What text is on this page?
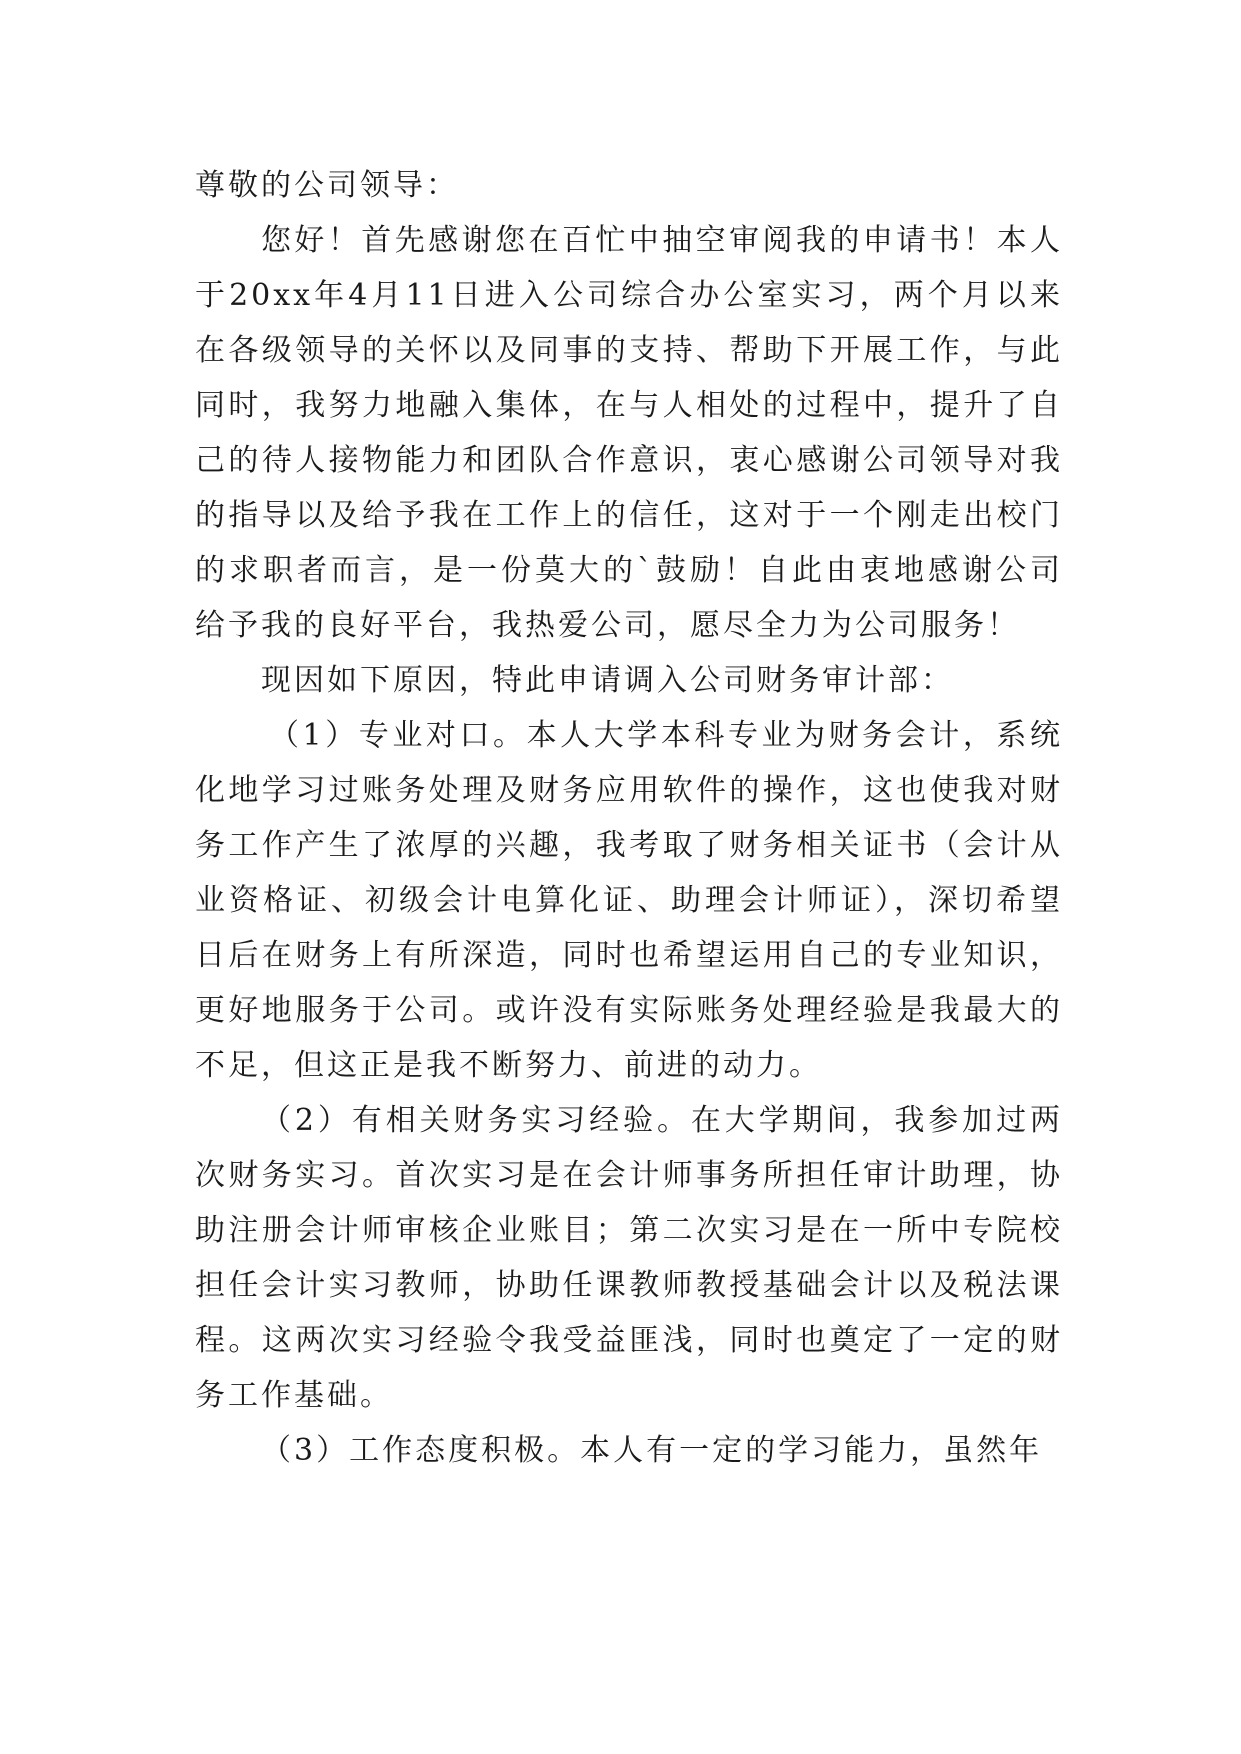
尊敬的公司领导：

您好！首先感谢您在百忙中抽空审阅我的申请书！本人于20xx年4月11日进入公司综合办公室实习，两个月以来在各级领导的关怀以及同事的支持、帮助下开展工作，与此同时，我努力地融入集体，在与人相处的过程中，提升了自己的待人接物能力和团队合作意识，衷心感谢公司领导对我的指导以及给予我在工作上的信任，这对于一个刚走出校门的求职者而言，是一份莫大的`鼓励！自此由衷地感谢公司给予我的良好平台，我热爱公司，愿尽全力为公司服务！

现因如下原因，特此申请调入公司财务审计部：

（1）专业对口。本人大学本科专业为财务会计，系统化地学习过账务处理及财务应用软件的操作，这也使我对财务工作产生了浓厚的兴趣，我考取了财务相关证书（会计从业资格证、初级会计电算化证、助理会计师证），深切希望日后在财务上有所深造，同时也希望运用自己的专业知识，更好地服务于公司。或许没有实际账务处理经验是我最大的不足，但这正是我不断努力、前进的动力。

（2）有相关财务实习经验。在大学期间，我参加过两次财务实习。首次实习是在会计师事务所担任审计助理，协助注册会计师审核企业账目；第二次实习是在一所中专院校担任会计实习教师，协助任课教师教授基础会计以及税法课程。这两次实习经验令我受益匪浅，同时也奠定了一定的财务工作基础。

（3）工作态度积极。本人有一定的学习能力，虽然年
